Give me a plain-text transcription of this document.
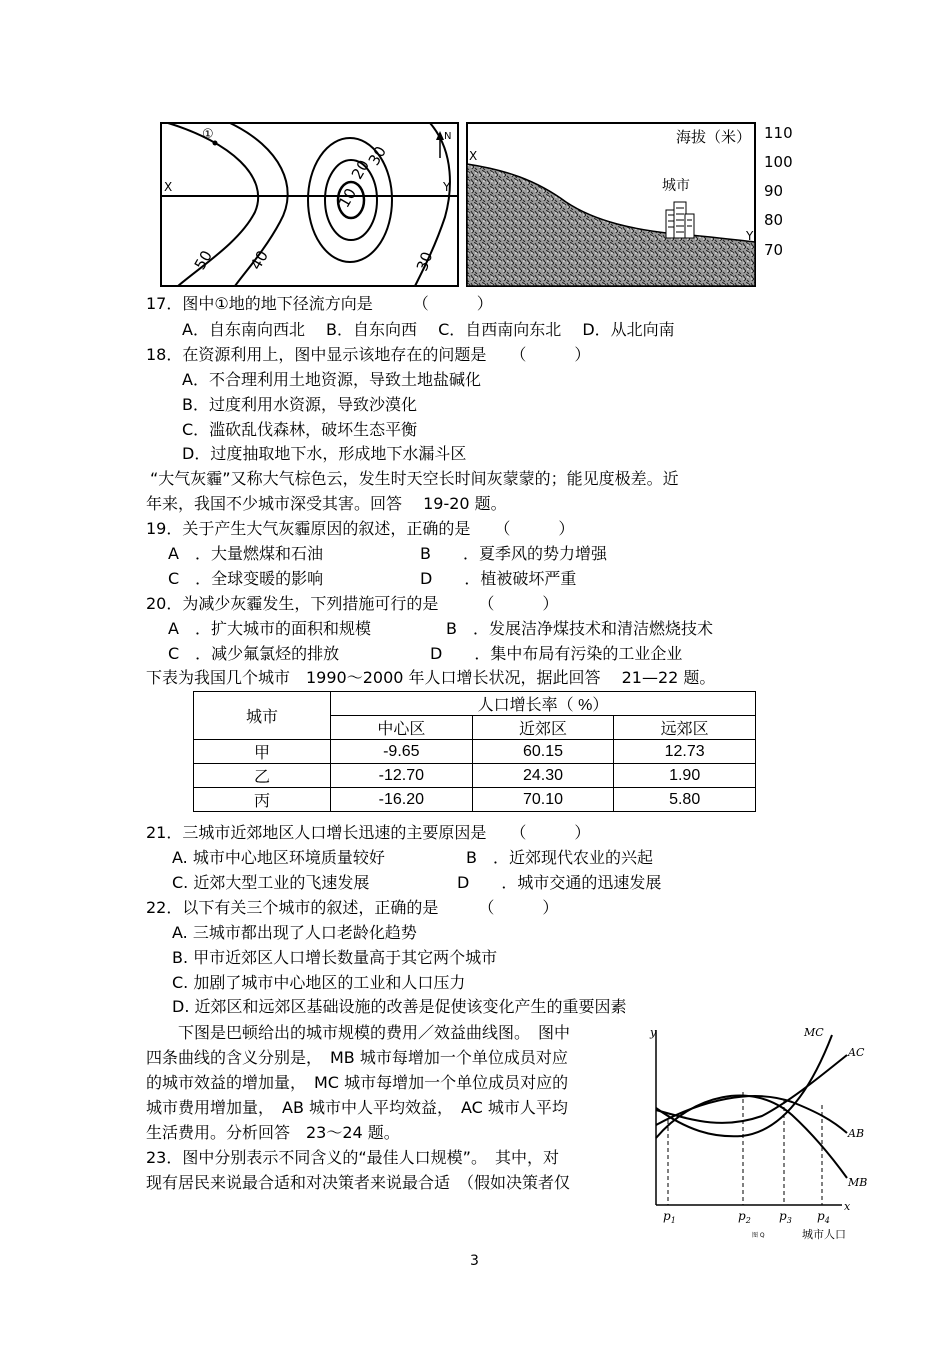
①
X	Y
N
10
20
30
50 40	30
城市
海拔（米）
X
Y
110
100
90
80
70
17．图中①地的地下径流方向是　　　（　　　）
A．自东南向西北　 B．自东向西　 C．自西南向东北　 D．从北向南
18．在资源利用上，图中显示该地存在的问题是　　（　　　）
A．不合理利用土地资源，导致土地盐碱化
B．过度利用水资源，导致沙漠化
C．滥砍乱伐森林，破坏生态平衡
D．过度抽取地下水，形成地下水漏斗区
“大气灰霾”又称大气棕色云，发生时天空长时间灰蒙蒙的；能见度极差。近
年来，我国不少城市深受其害。回答　 19-20 题。
19．关于产生大气灰霾原因的叙述，正确的是　　（　　　）
A　．大量燃煤和石油	B　　．夏季风的势力增强
C　．全球变暖的影响	D　　．植被破坏严重
20．为减少灰霾发生，下列措施可行的是　　　（　　　）
A　．扩大城市的面积和规模	B　．发展洁净煤技术和清洁燃烧技术
C　．减少氟氯烃的排放	D　　．集中布局有污染的工业企业
下表为我国几个城市　1990～2000 年人口增长状况，据此回答　 21—22 题。
城市	人口增长率（ %）		
	中心区	近郊区	远郊区
甲	-9.65	60.15	12.73
乙	-12.70	24.30	1.90
丙	-16.20	70.10	5.80
21．三城市近郊地区人口增长迅速的主要原因是　　（　　　）
A. 城市中心地区环境质量较好	B　．近郊现代农业的兴起
C. 近郊大型工业的飞速发展	D　　．城市交通的迅速发展
22．以下有关三个城市的叙述，正确的是　　　（　　　）
A. 三城市都出现了人口老龄化趋势
B. 甲市近郊区人口增长数量高于其它两个城市
C. 加剧了城市中心地区的工业和人口压力
D. 近郊区和远郊区基础设施的改善是促使该变化产生的重要因素
下图是巴顿给出的城市规模的费用／效益曲线图。　图中
四条曲线的含义分别是，　MB 城市每增加一个单位成员对应
的城市效益的增加量，　MC 城市每增加一个单位成员对应的
城市费用增加量，　AB 城市中人平均效益，　AC 城市人平均
生活费用。分析回答　23～24 题。
23．图中分别表示不同含义的“最佳人口规模”。　其中，对
现有居民来说最合适和对决策者来说最合适　（假如决策者仅
y
x
MC
AC
AB
MB
$p_1$	$p_2$ $p_3$ $p_4$
图 Q	城市人口
3
